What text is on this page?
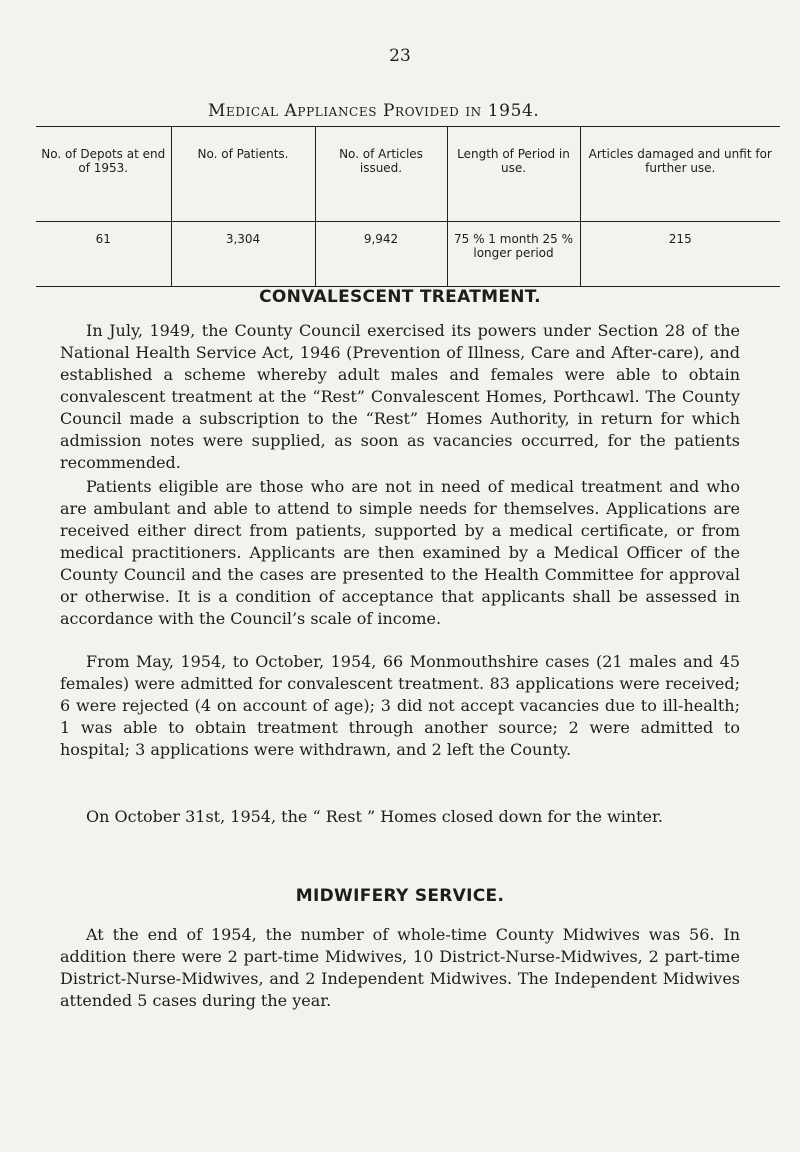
23
Medical Appliances Provided in 1954.
No. of Depots at end of 1953.	No. of Patients.	No. of Articles issued.	Length of Period in use.	Articles damaged and unfit for further use.
61	3,304	9,942	75 % 1 month 25 % longer period	215
CONVALESCENT TREATMENT.

In July, 1949, the County Council exercised its powers under Section 28 of the National Health Service Act, 1946 (Prevention of Illness, Care and After-care), and established a scheme whereby adult males and females were able to obtain convalescent treatment at the “Rest” Convalescent Homes, Porthcawl. The County Council made a subscription to the “Rest” Homes Authority, in return for which admission notes were supplied, as soon as vacancies occurred, for the patients recommended.

Patients eligible are those who are not in need of medical treatment and who are ambulant and able to attend to simple needs for themselves. Applications are received either direct from patients, supported by a medical certificate, or from medical practitioners. Applicants are then examined by a Medical Officer of the County Council and the cases are presented to the Health Committee for approval or otherwise. It is a condition of acceptance that applicants shall be assessed in accordance with the Council’s scale of income.

From May, 1954, to October, 1954, 66 Monmouthshire cases (21 males and 45 females) were admitted for convalescent treatment. 83 applications were received; 6 were rejected (4 on account of age); 3 did not accept vacancies due to ill-health; 1 was able to obtain treatment through another source; 2 were admitted to hospital; 3 applications were withdrawn, and 2 left the County.

On October 31st, 1954, the “ Rest ” Homes closed down for the winter.

MIDWIFERY SERVICE.

At the end of 1954, the number of whole-time County Midwives was 56. In addition there were 2 part-time Midwives, 10 District-Nurse-Midwives, 2 part-time District-Nurse-Midwives, and 2 Independent Midwives. The Independent Midwives attended 5 cases during the year.
